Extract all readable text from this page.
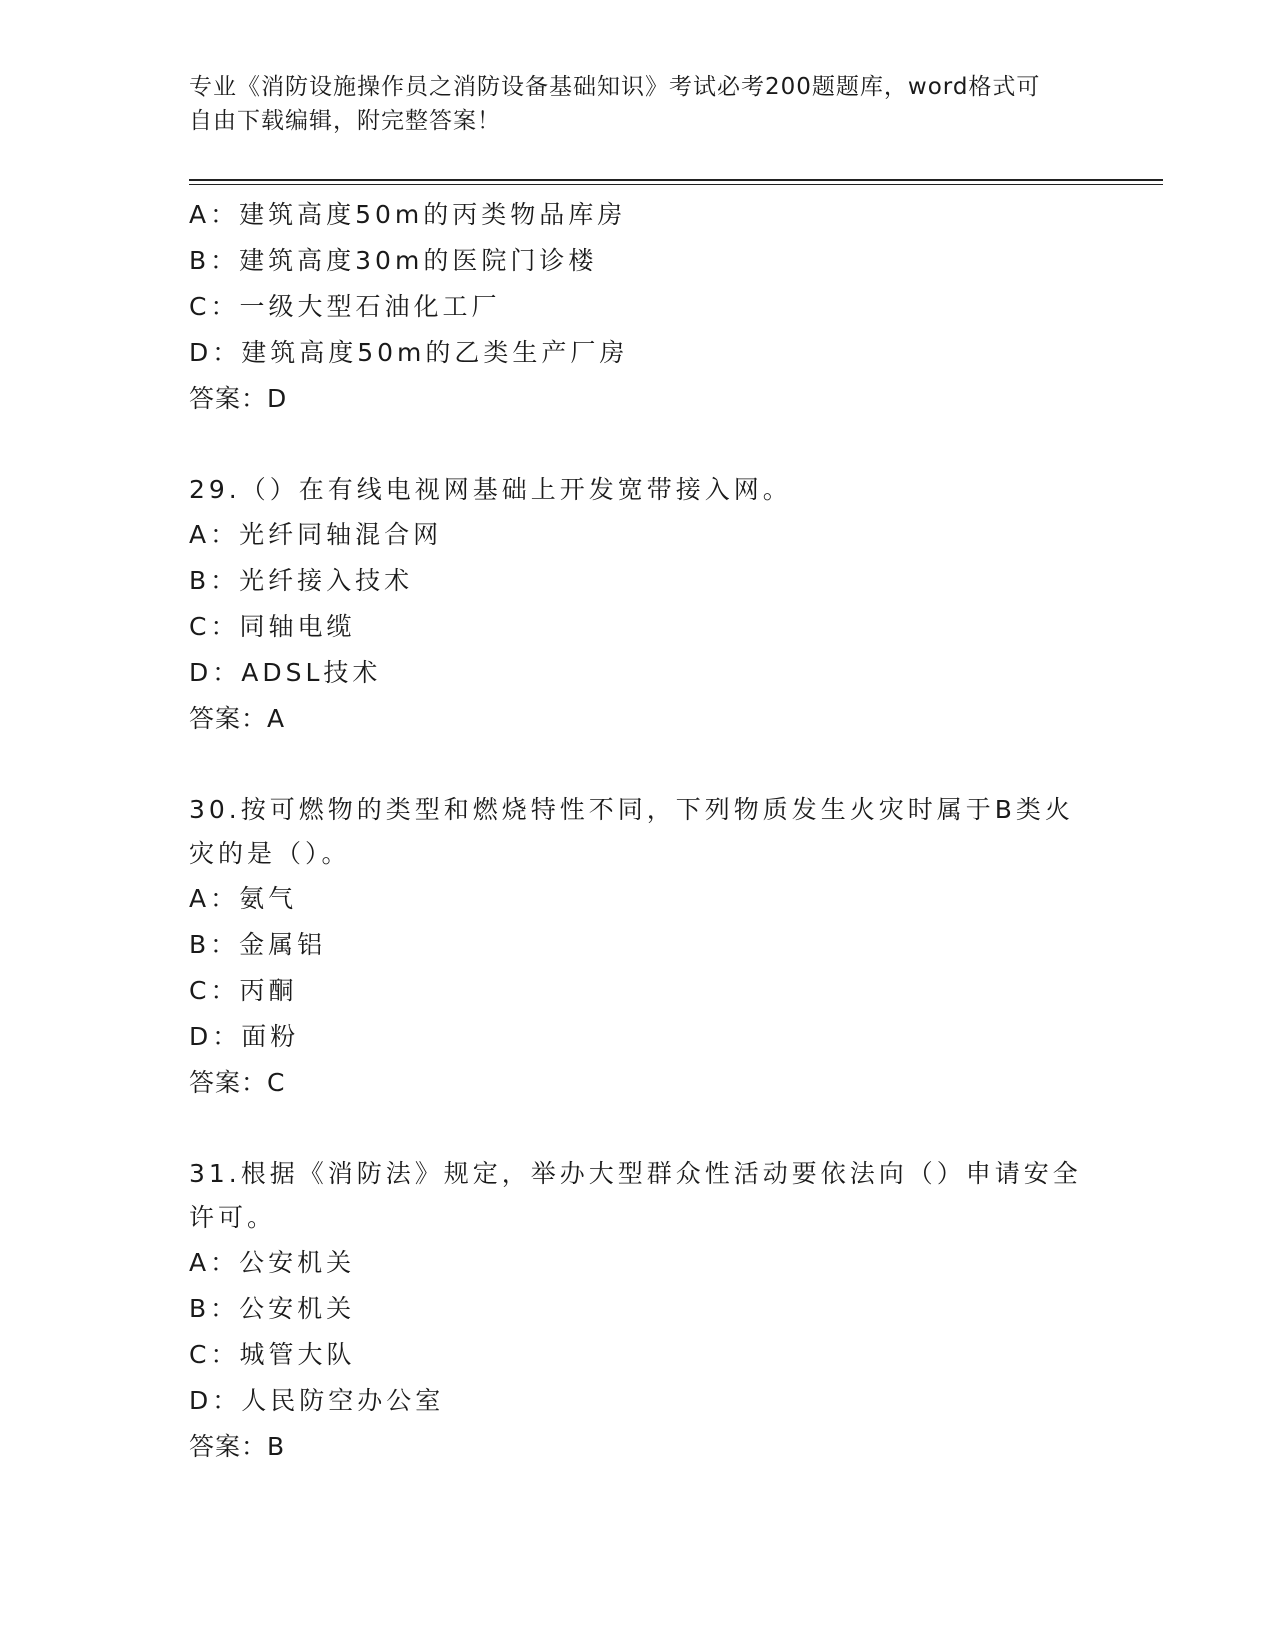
专业《消防设施操作员之消防设备基础知识》考试必考200题题库，word格式可
自由下载编辑，附完整答案！
A：建筑高度50m的丙类物品库房
B：建筑高度30m的医院门诊楼
C：一级大型石油化工厂
D：建筑高度50m的乙类生产厂房
答案：D
29.（）在有线电视网基础上开发宽带接入网。
A：光纤同轴混合网
B：光纤接入技术
C：同轴电缆
D：ADSL技术
答案：A
30.按可燃物的类型和燃烧特性不同，下列物质发生火灾时属于B类火灾的是（）。
A：氨气
B：金属铝
C：丙酮
D：面粉
答案：C
31.根据《消防法》规定，举办大型群众性活动要依法向（）申请安全许可。
A：公安机关
B：公安机关
C：城管大队
D：人民防空办公室
答案：B
